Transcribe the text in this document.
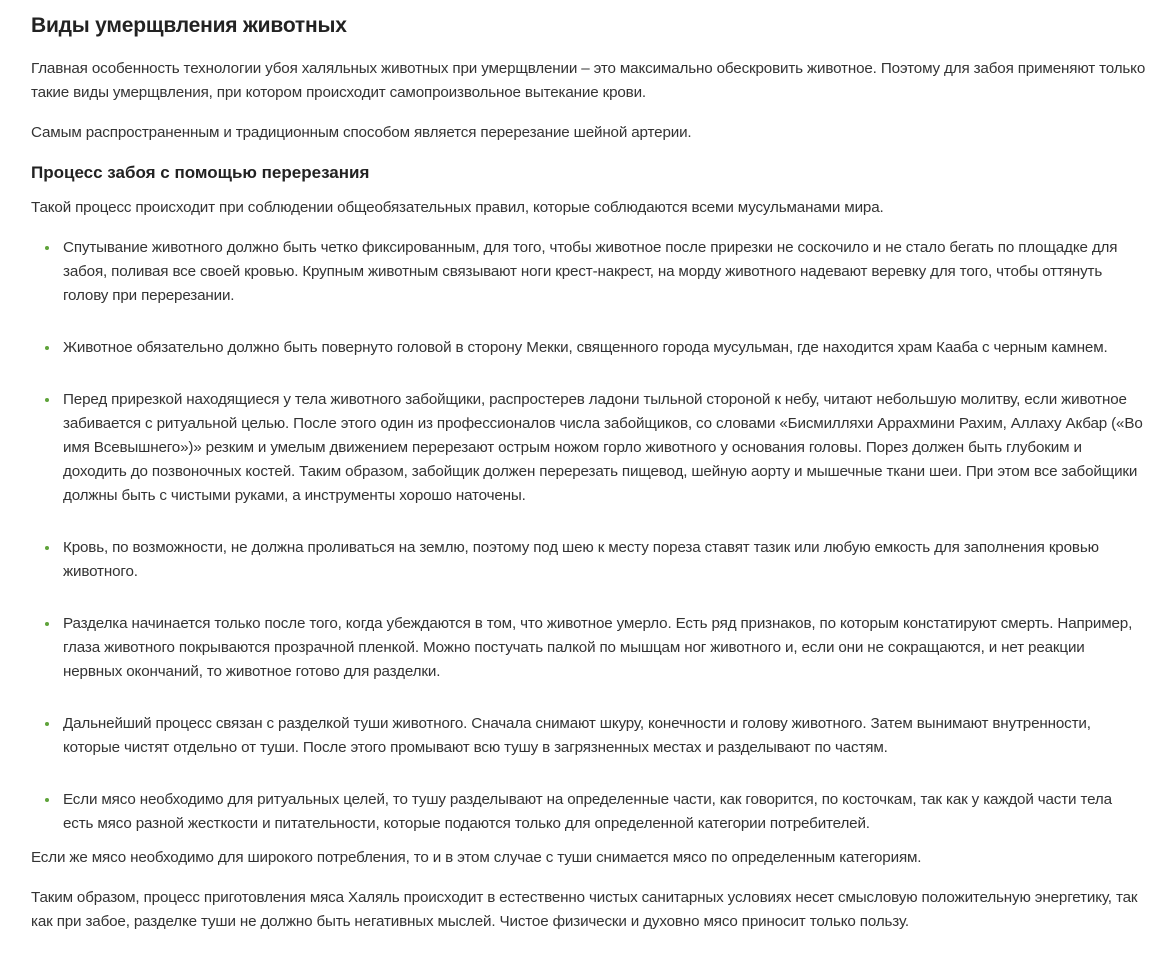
Виды умерщвления животных

Главная особенность технологии убоя халяльных животных при умерщвлении – это максимально обескровить животное. Поэтому для забоя применяют только такие виды умерщвления, при котором происходит самопроизвольное вытекание крови.

Самым распространенным и традиционным способом является перерезание шейной артерии.

Процесс забоя с помощью перерезания

Такой процесс происходит при соблюдении общеобязательных правил, которые соблюдаются всеми мусульманами мира.

Спутывание животного должно быть четко фиксированным, для того, чтобы животное после прирезки не соскочило и не стало бегать по площадке для забоя, поливая все своей кровью. Крупным животным связывают ноги крест-накрест, на морду животного надевают веревку для того, чтобы оттянуть голову при перерезании.
Животное обязательно должно быть повернуто головой в сторону Мекки, священного города мусульман, где находится храм Кааба с черным камнем.
Перед прирезкой находящиеся у тела животного забойщики, распростерев ладони тыльной стороной к небу, читают небольшую молитву, если животное забивается с ритуальной целью. После этого один из профессионалов числа забойщиков, со словами «Бисмилляхи Аррахмини Рахим, Аллаху Акбар («Во имя Всевышнего»)» резким и умелым движением перерезают острым ножом горло животного у основания головы. Порез должен быть глубоким и доходить до позвоночных костей. Таким образом, забойщик должен перерезать пищевод, шейную аорту и мышечные ткани шеи. При этом все забойщики должны быть с чистыми руками, а инструменты хорошо наточены.
Кровь, по возможности, не должна проливаться на землю, поэтому под шею к месту пореза ставят тазик или любую емкость для заполнения кровью животного.
Разделка начинается только после того, когда убеждаются в том, что животное умерло. Есть ряд признаков, по которым констатируют смерть. Например, глаза животного покрываются прозрачной пленкой. Можно постучать палкой по мышцам ног животного и, если они не сокращаются, и нет реакции нервных окончаний, то животное готово для разделки.
Дальнейший процесс связан с разделкой туши животного. Сначала снимают шкуру, конечности и голову животного. Затем вынимают внутренности, которые чистят отдельно от туши. После этого промывают всю тушу в загрязненных местах и разделывают по частям.
Если мясо необходимо для ритуальных целей, то тушу разделывают на определенные части, как говорится, по косточкам, так как у каждой части тела есть мясо разной жесткости и питательности, которые подаются только для определенной категории потребителей.

Если же мясо необходимо для широкого потребления, то и в этом случае с туши снимается мясо по определенным категориям.

Таким образом, процесс приготовления мяса Халяль происходит в естественно чистых санитарных условиях несет смысловую положительную энергетику, так как при забое, разделке туши не должно быть негативных мыслей. Чистое физически и духовно мясо приносит только пользу.
